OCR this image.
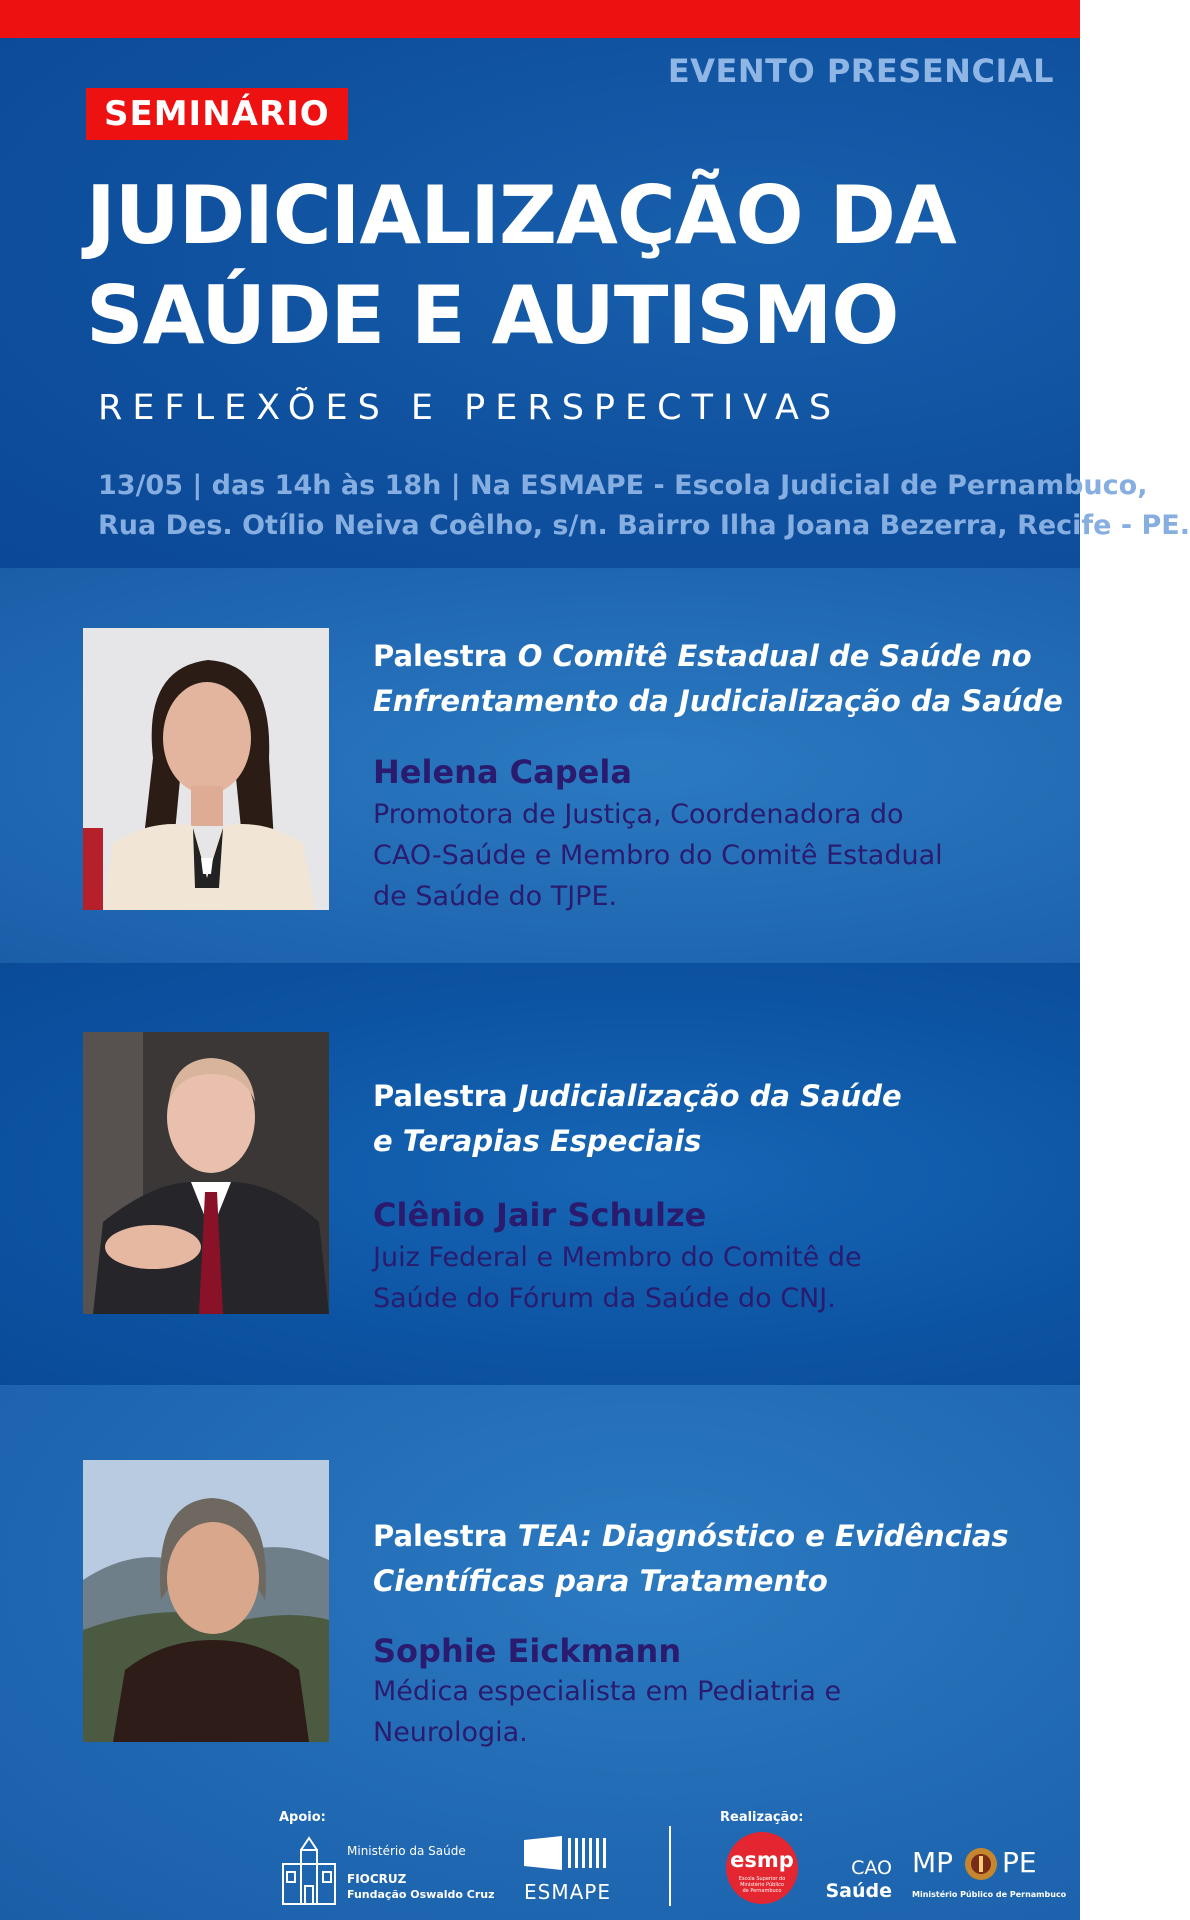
EVENTO PRESENCIAL
SEMINÁRIO
JUDICIALIZAÇÃO DA
SAÚDE E AUTISMO
REFLEXÕES E PERSPECTIVAS
13/05 | das 14h às 18h | Na ESMAPE - Escola Judicial de Pernambuco,
Rua Des. Otílio Neiva Coêlho, s/n. Bairro Ilha Joana Bezerra, Recife - PE.
Palestra O Comitê Estadual de Saúde no
Enfrentamento da Judicialização da Saúde
Helena Capela
Promotora de Justiça, Coordenadora do
CAO-Saúde e Membro do Comitê Estadual
de Saúde do TJPE.
Palestra Judicialização da Saúde
e Terapias Especiais
Clênio Jair Schulze
Juiz Federal e Membro do Comitê de
Saúde do Fórum da Saúde do CNJ.
Palestra TEA: Diagnóstico e Evidências
Científicas para Tratamento
Sophie Eickmann
Médica especialista em Pediatria e
Neurologia.
Apoio:	Realização:
Ministério da Saúde
FIOCRUZ
Fundação Oswaldo Cruz ESMAPE
esmp
Escola Superior do Ministério Público de Pernambuco
CAO
Saúde
MP PE
Ministério Público de Pernambuco
